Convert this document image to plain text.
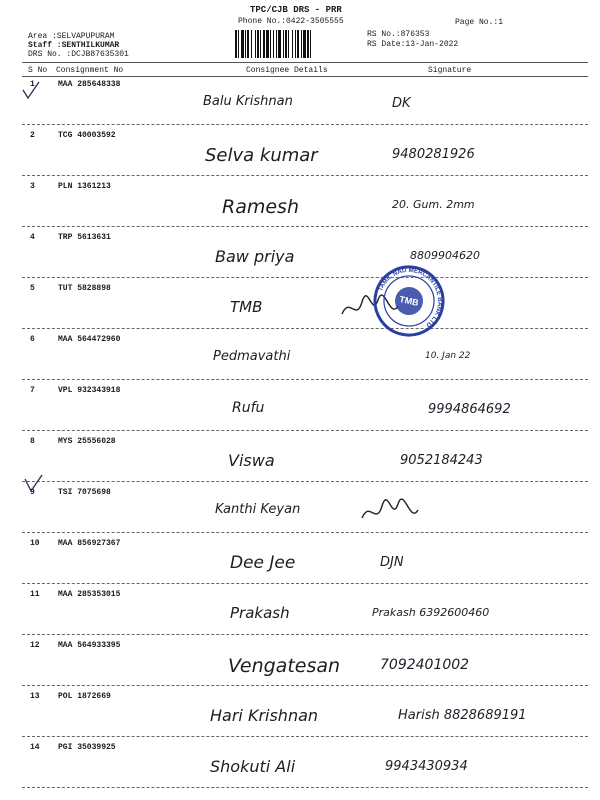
TPC/CJB DRS - PRR
Phone No.:0422-3505555	Page No.:1
Area :SELVAPUPURAM
Staff :SENTHILKUMAR
DRS No. :DCJB87635301
RS No.:876353
RS Date:13-Jan-2022
S No Consignment No	Consignee Details	Signature
1	MAA 285648338
Balu Krishnan	DK
2	TCG 40003592
Selva kumar	9480281926
3	PLN 1361213
Ramesh	20. Gum. 2mm
4	TRP 5613631
Baw priya	8809904620
5	TUT 5828898
TMB
6	MAA 564472960
Pedmavathi	10. Jan 22
7	VPL 932343918
Rufu	9994864692
8	MYS 25556028
Viswa	9052184243
9	TSI 7075698
Kanthi Keyan
10 MAA 856927367
Dee Jee	DJN
11 MAA 285353015
Prakash	Prakash 6392600460
12 MAA 564933395
Vengatesan	7092401002
13 POL 1872669
Hari Krishnan	Harish 8828689191
14 PGI 35039925
Shokuti Ali	9943430934
TMB
TAMIL NAD MERCANTILE BANK LTD
